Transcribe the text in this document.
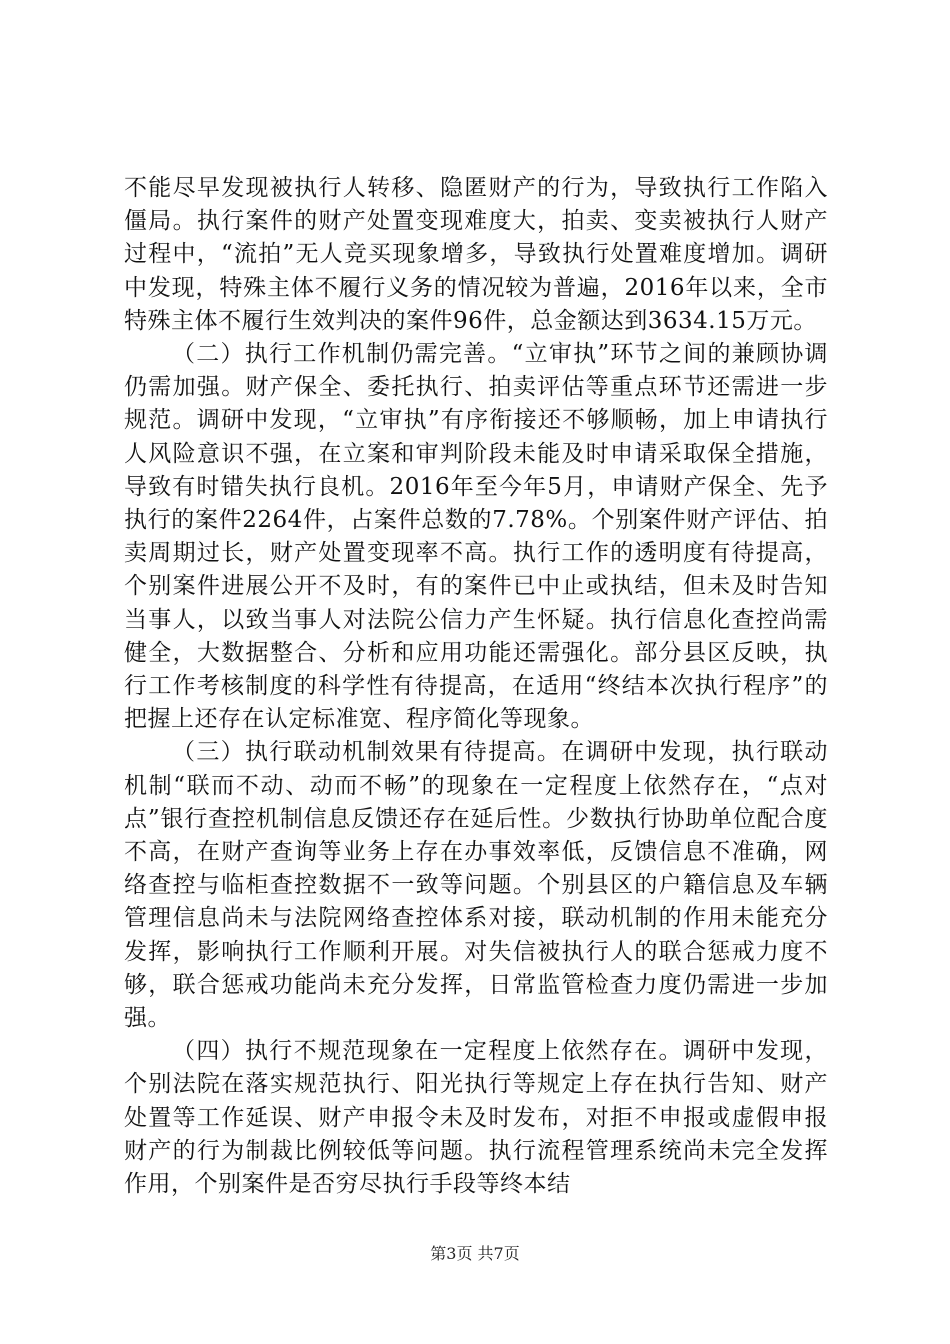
不能尽早发现被执行人转移、隐匿财产的行为，导致执行工作陷入僵局。执行案件的财产处置变现难度大，拍卖、变卖被执行人财产过程中，“流拍”无人竞买现象增多，导致执行处置难度增加。调研中发现，特殊主体不履行义务的情况较为普遍，2016年以来，全市特殊主体不履行生效判决的案件96件，总金额达到3634.15万元。

（二）执行工作机制仍需完善。“立审执”环节之间的兼顾协调仍需加强。财产保全、委托执行、拍卖评估等重点环节还需进一步规范。调研中发现，“立审执”有序衔接还不够顺畅，加上申请执行人风险意识不强，在立案和审判阶段未能及时申请采取保全措施，导致有时错失执行良机。2016年至今年5月，申请财产保全、先予执行的案件2264件，占案件总数的7.78%。个别案件财产评估、拍卖周期过长，财产处置变现率不高。执行工作的透明度有待提高，个别案件进展公开不及时，有的案件已中止或执结，但未及时告知当事人，以致当事人对法院公信力产生怀疑。执行信息化查控尚需健全，大数据整合、分析和应用功能还需强化。部分县区反映，执行工作考核制度的科学性有待提高，在适用“终结本次执行程序”的把握上还存在认定标准宽、程序简化等现象。

（三）执行联动机制效果有待提高。在调研中发现，执行联动机制“联而不动、动而不畅”的现象在一定程度上依然存在，“点对点”银行查控机制信息反馈还存在延后性。少数执行协助单位配合度不高，在财产查询等业务上存在办事效率低，反馈信息不准确，网络查控与临柜查控数据不一致等问题。个别县区的户籍信息及车辆管理信息尚未与法院网络查控体系对接，联动机制的作用未能充分发挥，影响执行工作顺利开展。对失信被执行人的联合惩戒力度不够，联合惩戒功能尚未充分发挥，日常监管检查力度仍需进一步加强。

（四）执行不规范现象在一定程度上依然存在。调研中发现，个别法院在落实规范执行、阳光执行等规定上存在执行告知、财产处置等工作延误、财产申报令未及时发布，对拒不申报或虚假申报财产的行为制裁比例较低等问题。执行流程管理系统尚未完全发挥作用，个别案件是否穷尽执行手段等终本结

第3页 共7页
